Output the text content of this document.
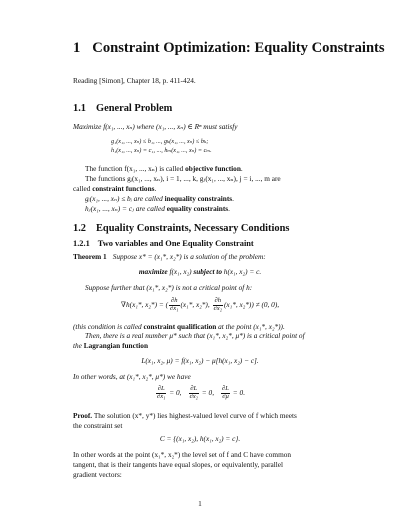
1 Constraint Optimization: Equality Constraints
Reading [Simon], Chapter 18, p. 411-424.
1.1 General Problem
Maximize f(x₁, ..., xₙ) where (x₁, ..., xₙ) ∈ Rⁿ must satisfy
g₁(x₁, ..., xₙ) ≤ b₁, ..., gₖ(x₁, ..., xₙ) ≤ bₖ;
h₁(x₁, ..., xₙ) = c₁, ..., hₘ(x₁, ..., xₙ) = cₘ.
The function f(x₁, ..., xₙ) is called objective function.
The functions gᵢ(x₁, ..., xₙ), i = 1, ..., k, gⱼ(x₁, ..., xₙ), j = i, ..., m are
called constraint functions.
gᵢ(x₁, ..., xₙ) ≤ bᵢ are called inequality constraints.
hⱼ(x₁, ..., xₙ) = cⱼ are called equality constraints.
1.2 Equality Constraints, Necessary Conditions
1.2.1 Two variables and One Equality Constraint
Theorem 1 Suppose x* = (x₁*, x₂*) is a solution of the problem:
maximize f(x₁, x₂) subject to h(x₁, x₂) = c.
Suppose further that (x₁*, x₂*) is not a critical point of h:
∇h(x₁*, x₂*) = ( $\frac{\partial h}{\text{∂x₁}} (x_1*$, x₂*), $\frac{\partial h}{\text{∂x₂}} (x_1*$, x₂*)) ≠ (0, 0),
(this condition is called constraint qualification at the point (x₁*, x₂*)).
Then, there is a real number μ* such that (x₁*, x₂*, μ*) is a critical point of
the Lagrangian function
L(x₁, x₂, μ) = f(x₁, x₂) − μ[h(x₁, x₂) − c].
In other words, at (x₁*, x₂*, μ*) we have
$\frac{\partial L}{\text{∂x₁}} = 0$, $\frac{\partial L}{\text{∂x₂}} = 0$, $\frac{\partial L}{\partial\mu} = 0$.
Proof. The solution (x*, y*) lies highest-valued level curve of f which meets
the constraint set
C = {(x₁, x₂), h(x₁, x₂) = c}.
In other words at the point (x₁*, x₂*) the level set of f and C have common
tangent, that is their tangents have equal slopes, or equivalently, parallel
gradient vectors:
1
